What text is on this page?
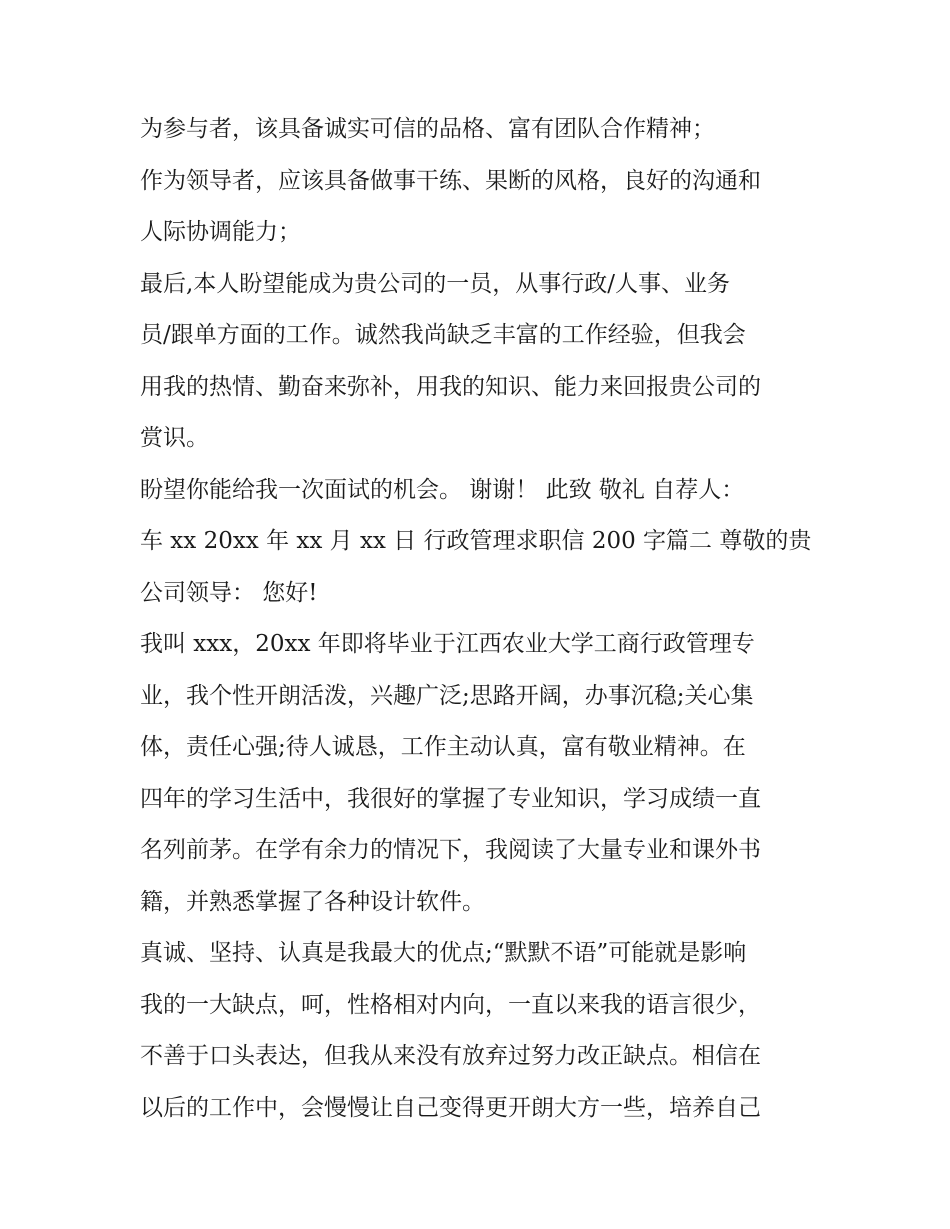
为参与者，该具备诚实可信的品格、富有团队合作精神；
作为领导者，应该具备做事干练、果断的风格，良好的沟通和
人际协调能力；
最后,本人盼望能成为贵公司的一员，从事行政/人事、业务
员/跟单方面的工作。诚然我尚缺乏丰富的工作经验，但我会
用我的热情、勤奋来弥补，用我的知识、能力来回报贵公司的
赏识。
盼望你能给我一次面试的机会。 谢谢！ 此致 敬礼 自荐人：
车 xx 20xx 年 xx 月 xx 日 行政管理求职信 200 字篇二 尊敬的贵
公司领导： 您好!
我叫 xxx，20xx 年即将毕业于江西农业大学工商行政管理专
业，我个性开朗活泼，兴趣广泛;思路开阔，办事沉稳;关心集
体，责任心强;待人诚恳，工作主动认真，富有敬业精神。在
四年的学习生活中，我很好的掌握了专业知识，学习成绩一直
名列前茅。在学有余力的情况下，我阅读了大量专业和课外书
籍，并熟悉掌握了各种设计软件。
真诚、坚持、认真是我最大的优点;“默默不语”可能就是影响
我的一大缺点，呵，性格相对内向，一直以来我的语言很少，
不善于口头表达，但我从来没有放弃过努力改正缺点。相信在
以后的工作中，会慢慢让自己变得更开朗大方一些，培养自己
